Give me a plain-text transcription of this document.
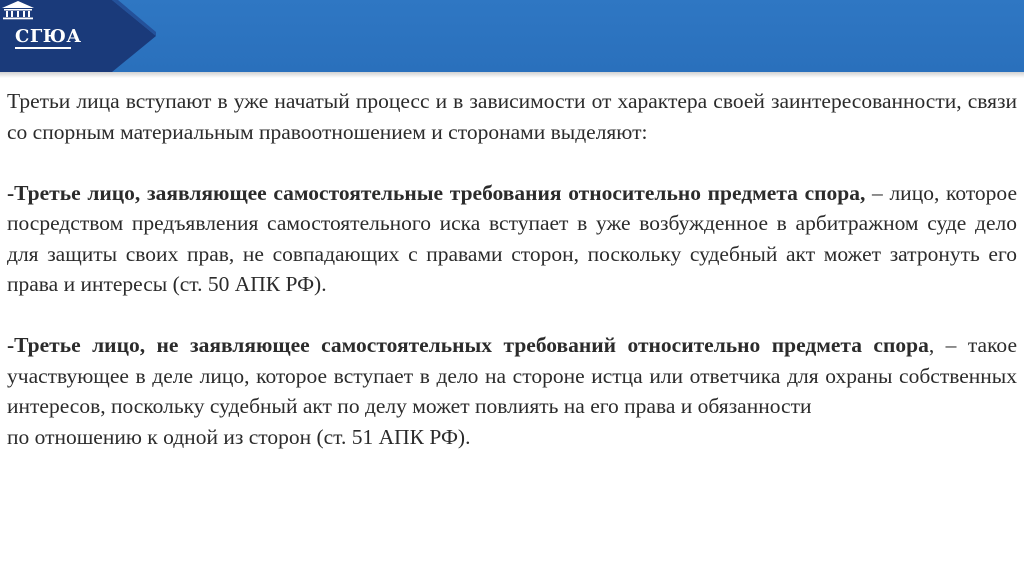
СГЮА

Третьи лица вступают в уже начатый процесс и в зависимости от характера своей заинтересованности, связи со спорным материальным правоотношением и сторонами выделяют:

-Третье лицо, заявляющее самостоятельные требования относительно предмета спора, – лицо, которое посредством предъявления самостоятельного иска вступает в уже возбужденное в арбитражном суде дело для защиты своих прав, не совпадающих с правами сторон, поскольку судебный акт может затронуть его права и интересы (ст. 50 АПК РФ).

-Третье лицо, не заявляющее самостоятельных требований относительно предмета спора, – такое участвующее в деле лицо, которое вступает в дело на стороне истца или ответчика для охраны собственных интересов, поскольку судебный акт по делу может повлиять на его права и обязанности

по отношению к одной из сторон (ст. 51 АПК РФ).
